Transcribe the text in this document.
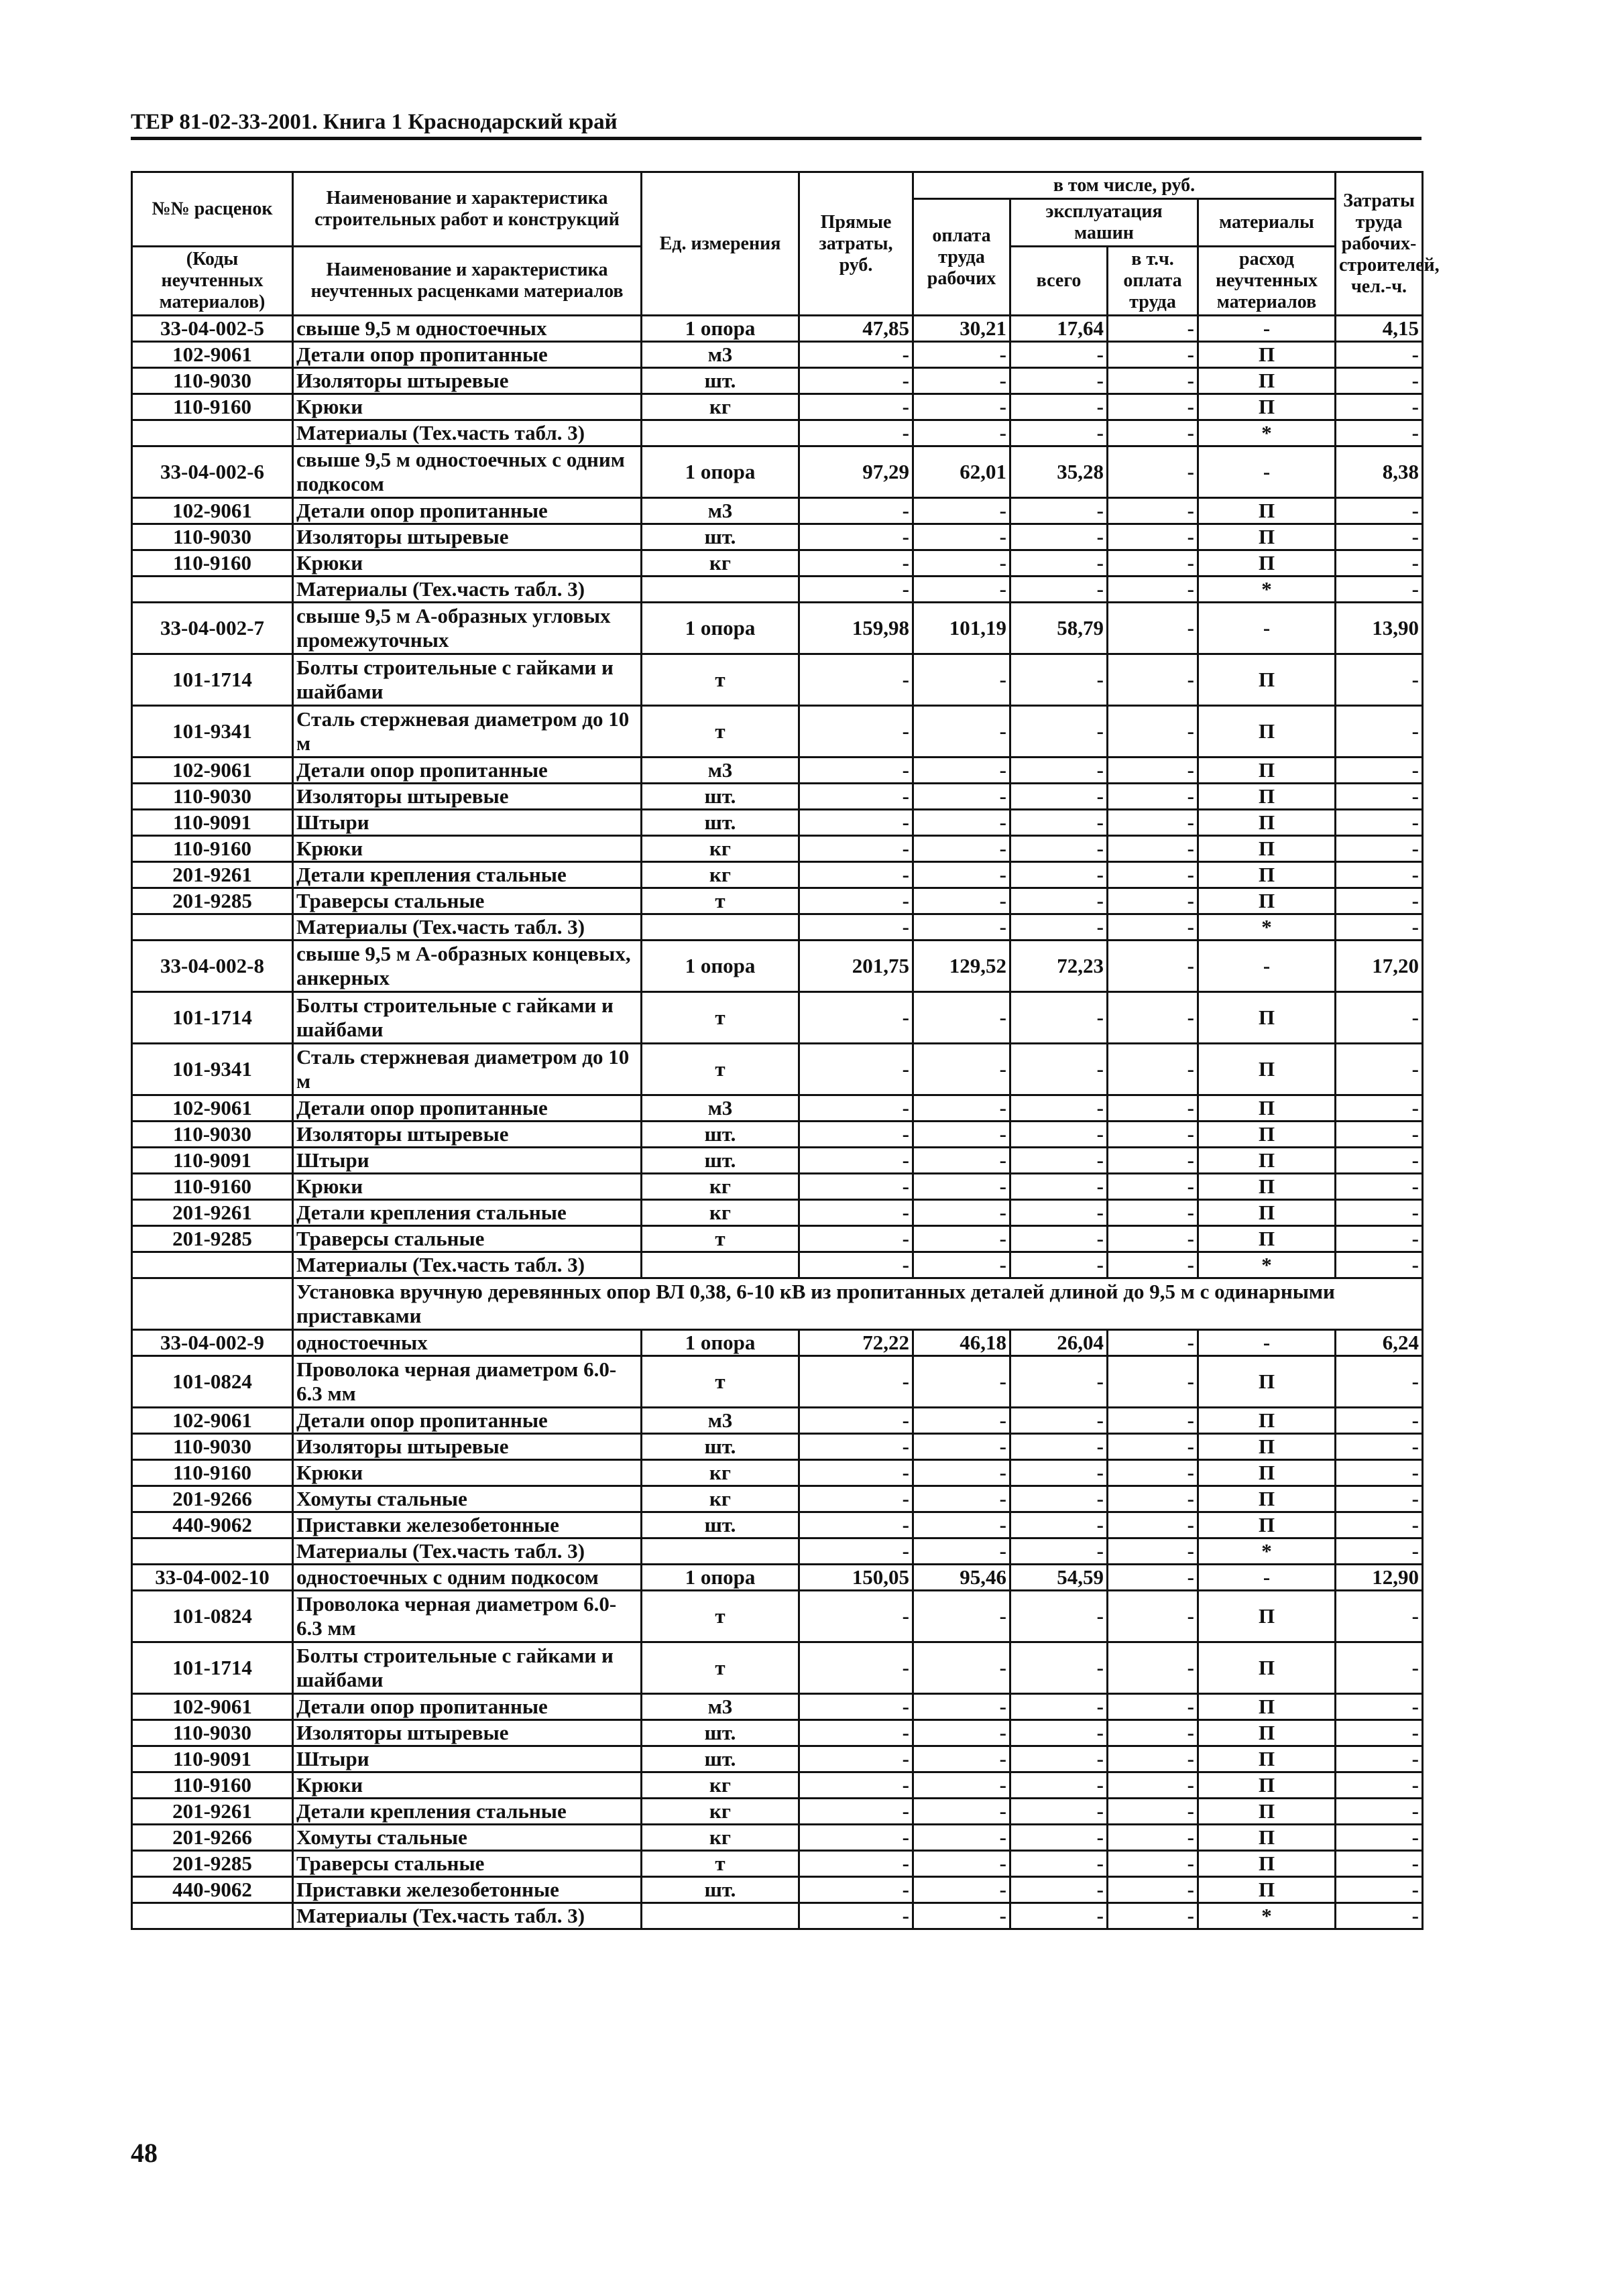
ТЕР 81-02-33-2001. Книга 1 Краснодарский край
№№ расценок	Наименование и характеристика строительных работ и конструкций	Ед. измерения	Прямые затраты, руб.	в том числе, руб.				Затраты труда рабочих-строителей, чел.-ч.
				оплата труда рабочих	эксплуатация машин		материалы	
(Коды неучтенных материалов)	Наименование и характеристика неучтенных расценками материалов				всего	в т.ч. оплата труда	расход неучтенных материалов	

33-04-002-5	свыше 9,5 м одностоечных	1 опора	47,85	30,21	17,64	-	-	4,15
102-9061	Детали опор пропитанные	м3	-	-	-	-	П	-
110-9030	Изоляторы штыревые	шт.	-	-	-	-	П	-
110-9160	Крюки	кг	-	-	-	-	П	-
	Материалы (Тех.часть табл. 3)		-	-	-	-	*	-
33-04-002-6	свыше 9,5 м одностоечных с одним подкосом	1 опора	97,29	62,01	35,28	-	-	8,38
102-9061	Детали опор пропитанные	м3	-	-	-	-	П	-
110-9030	Изоляторы штыревые	шт.	-	-	-	-	П	-
110-9160	Крюки	кг	-	-	-	-	П	-
	Материалы (Тех.часть табл. 3)		-	-	-	-	*	-
33-04-002-7	свыше 9,5 м А-образных угловых промежуточных	1 опора	159,98	101,19	58,79	-	-	13,90
101-1714	Болты строительные с гайками и шайбами	т	-	-	-	-	П	-
101-9341	Сталь стержневая диаметром до 10 м	т	-	-	-	-	П	-
102-9061	Детали опор пропитанные	м3	-	-	-	-	П	-
110-9030	Изоляторы штыревые	шт.	-	-	-	-	П	-
110-9091	Штыри	шт.	-	-	-	-	П	-
110-9160	Крюки	кг	-	-	-	-	П	-
201-9261	Детали крепления стальные	кг	-	-	-	-	П	-
201-9285	Траверсы стальные	т	-	-	-	-	П	-
	Материалы (Тех.часть табл. 3)		-	-	-	-	*	-
33-04-002-8	свыше 9,5 м А-образных концевых, анкерных	1 опора	201,75	129,52	72,23	-	-	17,20
101-1714	Болты строительные с гайками и шайбами	т	-	-	-	-	П	-
101-9341	Сталь стержневая диаметром до 10 м	т	-	-	-	-	П	-
102-9061	Детали опор пропитанные	м3	-	-	-	-	П	-
110-9030	Изоляторы штыревые	шт.	-	-	-	-	П	-
110-9091	Штыри	шт.	-	-	-	-	П	-
110-9160	Крюки	кг	-	-	-	-	П	-
201-9261	Детали крепления стальные	кг	-	-	-	-	П	-
201-9285	Траверсы стальные	т	-	-	-	-	П	-
	Материалы (Тех.часть табл. 3)		-	-	-	-	*	-
	Установка вручную деревянных опор ВЛ 0,38, 6-10 кВ из пропитанных деталей длиной до 9,5 м с одинарными приставками							
33-04-002-9	одностоечных	1 опора	72,22	46,18	26,04	-	-	6,24
101-0824	Проволока черная диаметром 6.0-6.3 мм	т	-	-	-	-	П	-
102-9061	Детали опор пропитанные	м3	-	-	-	-	П	-
110-9030	Изоляторы штыревые	шт.	-	-	-	-	П	-
110-9160	Крюки	кг	-	-	-	-	П	-
201-9266	Хомуты стальные	кг	-	-	-	-	П	-
440-9062	Приставки железобетонные	шт.	-	-	-	-	П	-
	Материалы (Тех.часть табл. 3)		-	-	-	-	*	-
33-04-002-10	одностоечных с одним подкосом	1 опора	150,05	95,46	54,59	-	-	12,90
101-0824	Проволока черная диаметром 6.0-6.3 мм	т	-	-	-	-	П	-
101-1714	Болты строительные с гайками и шайбами	т	-	-	-	-	П	-
102-9061	Детали опор пропитанные	м3	-	-	-	-	П	-
110-9030	Изоляторы штыревые	шт.	-	-	-	-	П	-
110-9091	Штыри	шт.	-	-	-	-	П	-
110-9160	Крюки	кг	-	-	-	-	П	-
201-9261	Детали крепления стальные	кг	-	-	-	-	П	-
201-9266	Хомуты стальные	кг	-	-	-	-	П	-
201-9285	Траверсы стальные	т	-	-	-	-	П	-
440-9062	Приставки железобетонные	шт.	-	-	-	-	П	-
	Материалы (Тех.часть табл. 3)		-	-	-	-	*	-
48
